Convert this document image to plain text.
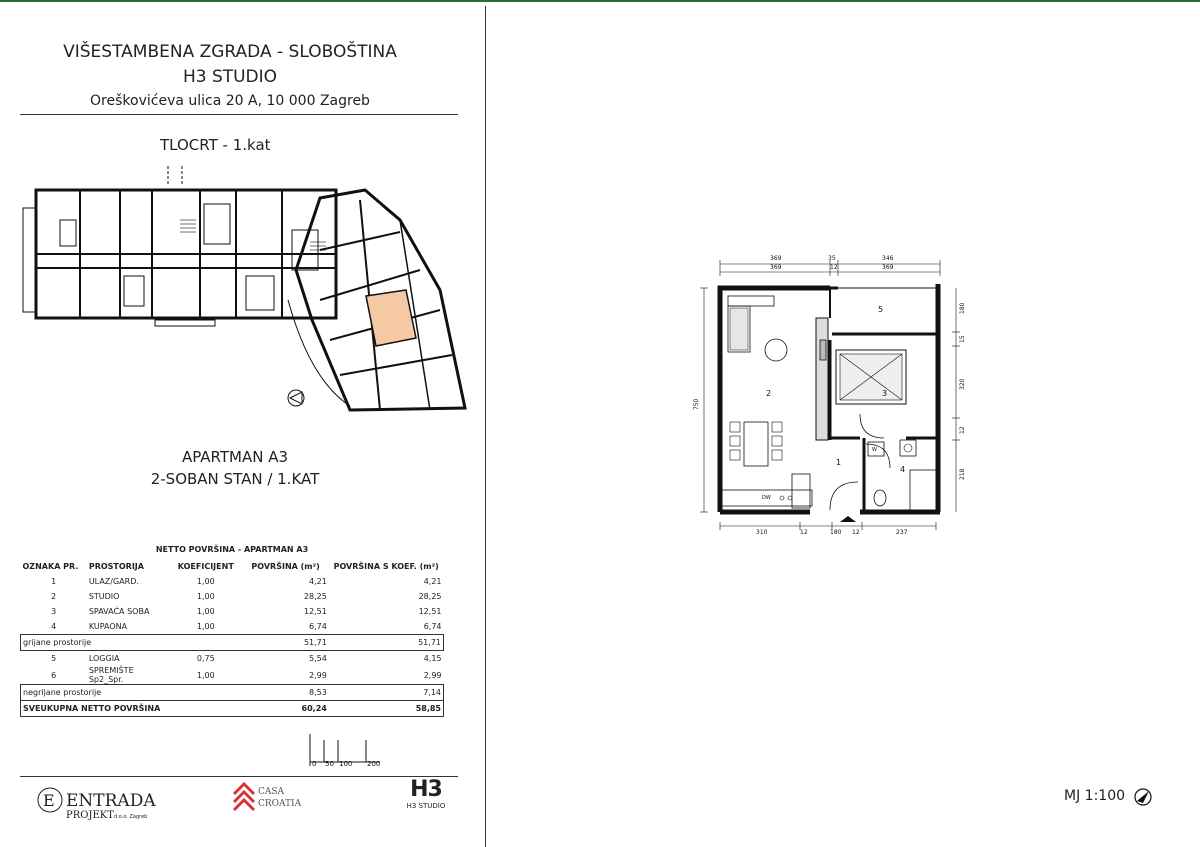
VIŠESTAMBENA ZGRADA - SLOBOŠTINA
H3 STUDIO
Oreškovićeva ulica 20 A, 10 000 Zagreb
TLOCRT - 1.kat
APARTMAN A3
2-SOBAN STAN / 1.KAT
NETTO POVRŠINA - APARTMAN A3
OZNAKA PR.	PROSTORIJA	KOEFICIJENT	POVRŠINA (m²)	POVRŠINA S KOEF. (m²)
1	ULAZ/GARD.	1,00	4,21	4,21
2	STUDIO	1,00	28,25	28,25
3	SPAVAĆA SOBA	1,00	12,51	12,51
4	KUPAONA	1,00	6,74	6,74
grijane prostorije			51,71	51,71
5	LOGGIA	0,75	5,54	4,15
6	SPREMIŠTE Sp2_Spr.	1,00	2,99	2,99
negrijane prostorije			8,53	7,14
SVEUKUPNA NETTO POVRŠINA			60,24	58,85
0 50 100 200
E ENTRADA
PROJEKT d.o.o. Zagreb
CASA
CROATIA
H3
H3 STUDIO
369	35	346
369	12	369
310	12	180 12	237
750
180
15
320
12
218
1
2	3
4
5
DW
W
MJ 1:100
